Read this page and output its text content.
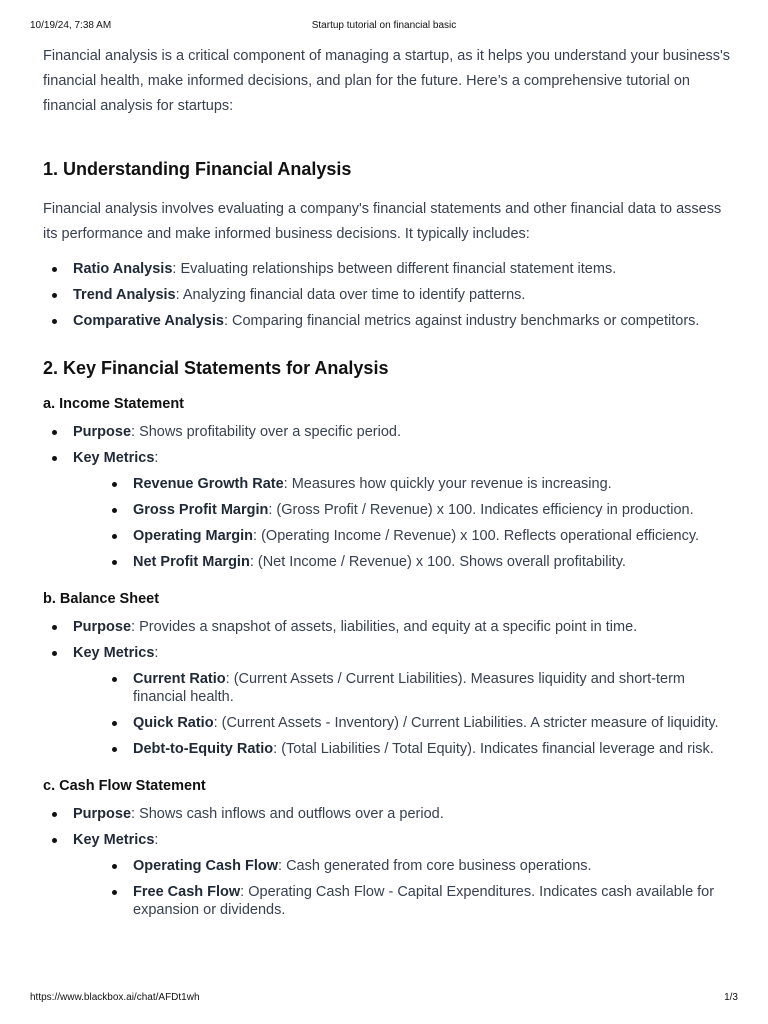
10/19/24, 7:38 AM	Startup tutorial on financial basic

Financial analysis is a critical component of managing a startup, as it helps you understand your business's financial health, make informed decisions, and plan for the future. Here’s a comprehensive tutorial on financial analysis for startups:

1. Understanding Financial Analysis

Financial analysis involves evaluating a company's financial statements and other financial data to assess its performance and make informed business decisions. It typically includes:

Ratio Analysis: Evaluating relationships between different financial statement items.
Trend Analysis: Analyzing financial data over time to identify patterns.
Comparative Analysis: Comparing financial metrics against industry benchmarks or competitors.
2. Key Financial Statements for Analysis
a. Income Statement
Purpose: Shows profitability over a specific period.
Key Metrics:
Revenue Growth Rate: Measures how quickly your revenue is increasing.
Gross Profit Margin: (Gross Profit / Revenue) x 100. Indicates efficiency in production.
Operating Margin: (Operating Income / Revenue) x 100. Reflects operational efficiency.
Net Profit Margin: (Net Income / Revenue) x 100. Shows overall profitability.
b. Balance Sheet
Purpose: Provides a snapshot of assets, liabilities, and equity at a specific point in time.
Key Metrics:
Current Ratio: (Current Assets / Current Liabilities). Measures liquidity and short-term financial health.
Quick Ratio: (Current Assets - Inventory) / Current Liabilities. A stricter measure of liquidity.
Debt-to-Equity Ratio: (Total Liabilities / Total Equity). Indicates financial leverage and risk.
c. Cash Flow Statement
Purpose: Shows cash inflows and outflows over a period.
Key Metrics:
Operating Cash Flow: Cash generated from core business operations.
Free Cash Flow: Operating Cash Flow - Capital Expenditures. Indicates cash available for expansion or dividends.
https://www.blackbox.ai/chat/AFDt1wh	1/3
